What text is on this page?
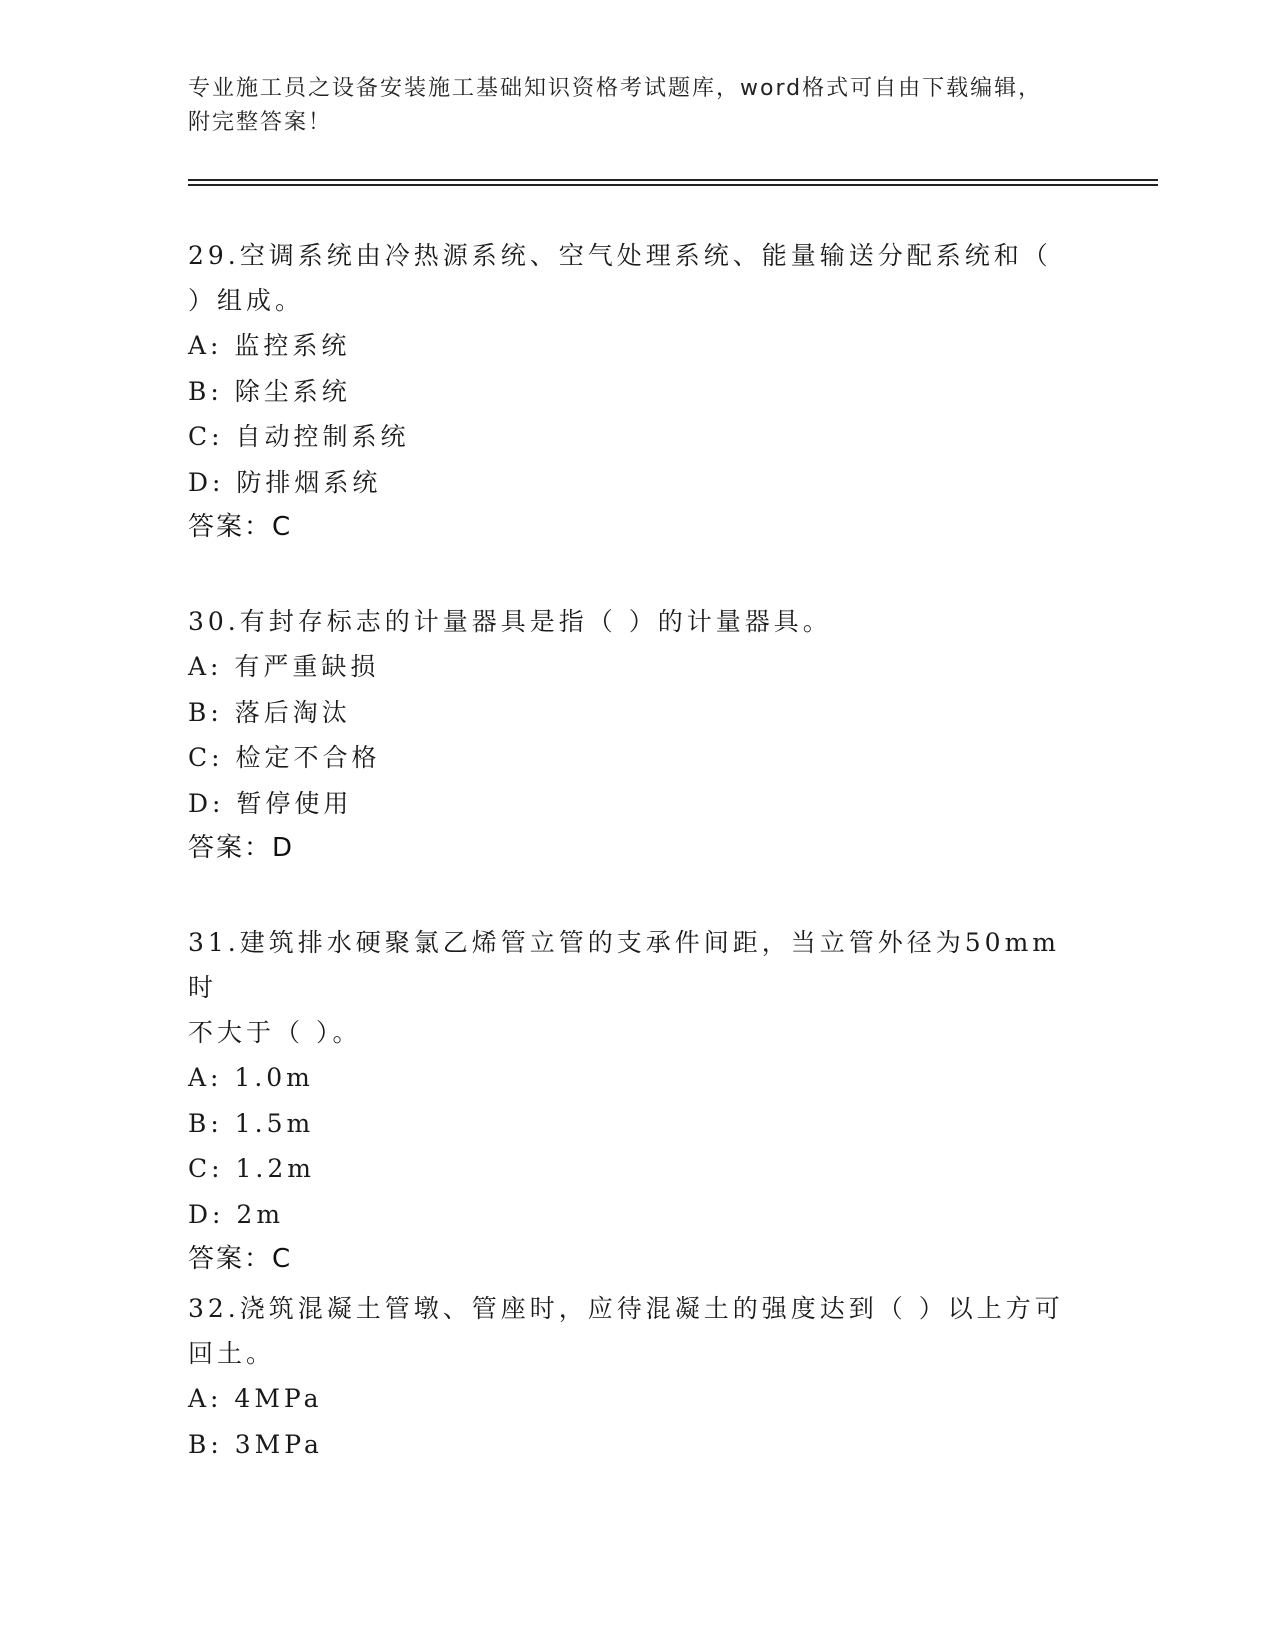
专业施工员之设备安装施工基础知识资格考试题库，word格式可自由下载编辑，
附完整答案！

29.空调系统由冷热源系统、空气处理系统、能量输送分配系统和（

）组成。

A: 监控系统

B: 除尘系统

C: 自动控制系统

D: 防排烟系统

答案：C

30.有封存标志的计量器具是指（ ）的计量器具。

A: 有严重缺损

B: 落后淘汰

C: 检定不合格

D: 暂停使用

答案：D

31.建筑排水硬聚氯乙烯管立管的支承件间距，当立管外径为50mm时

不大于（ ）。

A: 1.0m

B: 1.5m

C: 1.2m

D: 2m

答案：C

32.浇筑混凝土管墩、管座时，应待混凝土的强度达到（ ）以上方可

回土。

A: 4MPa

B: 3MPa
